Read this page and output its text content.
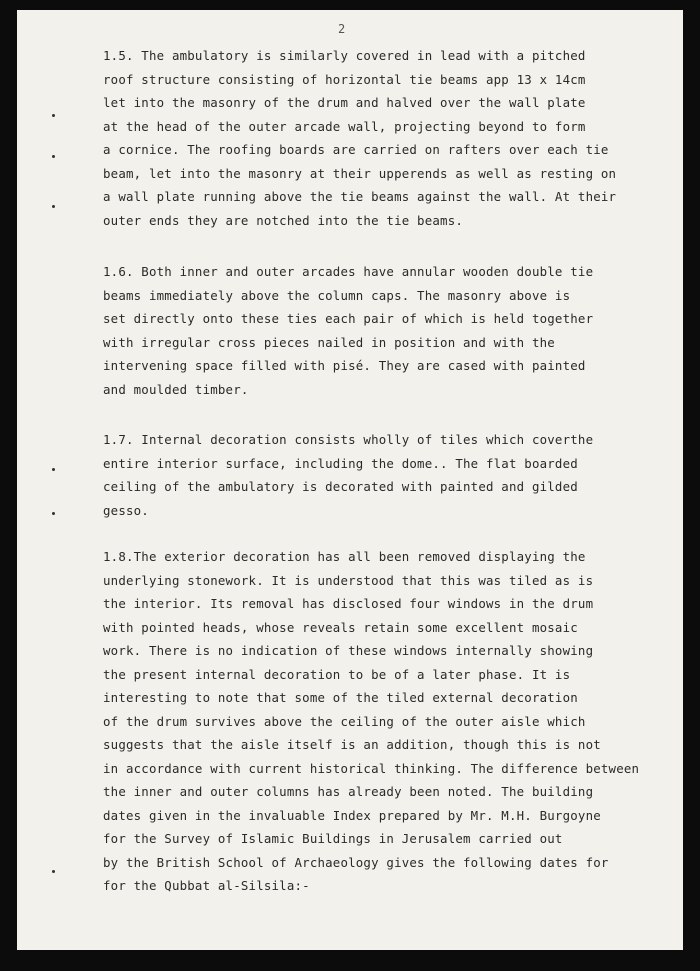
2
1.5. The ambulatory is similarly covered in lead with a pitched
roof structure consisting of horizontal tie beams app 13 x 14cm
let into the masonry of the drum and halved over the wall plate
at the head of the outer arcade wall, projecting beyond to form
a cornice. The roofing boards are carried on rafters over each tie
beam, let into the masonry at their upperends as well as resting on
a wall plate running above the tie beams against the wall. At their
outer ends they are notched into the tie beams.
1.6. Both inner and outer arcades have annular wooden double tie
beams immediately above the column caps. The masonry above is
set directly onto these ties each pair of which is held together
with irregular cross pieces nailed in position and with the
intervening space filled with pisé. They are cased with painted
and moulded timber.
1.7. Internal decoration consists wholly of tiles which coverthe
entire interior surface, including the dome.. The flat boarded
ceiling of the ambulatory is decorated with painted and gilded
gesso.
1.8.The exterior decoration has all been removed displaying the
underlying stonework. It is understood that this was tiled as is
the interior. Its removal has disclosed four windows in the drum
with pointed heads, whose reveals retain some excellent mosaic
work. There is no indication of these windows internally showing
the present internal decoration to be of a later phase. It is
interesting to note that some of the tiled external decoration
of the drum survives above the ceiling of the outer aisle which
suggests that the aisle itself is an addition, though this is not
in accordance with current historical thinking. The difference between
the inner and outer columns has already been noted. The building
dates given in the invaluable Index prepared by Mr. M.H. Burgoyne
for the Survey of Islamic Buildings in Jerusalem carried out
by the British School of Archaeology gives the following dates for
for the Qubbat al-Silsila:-
